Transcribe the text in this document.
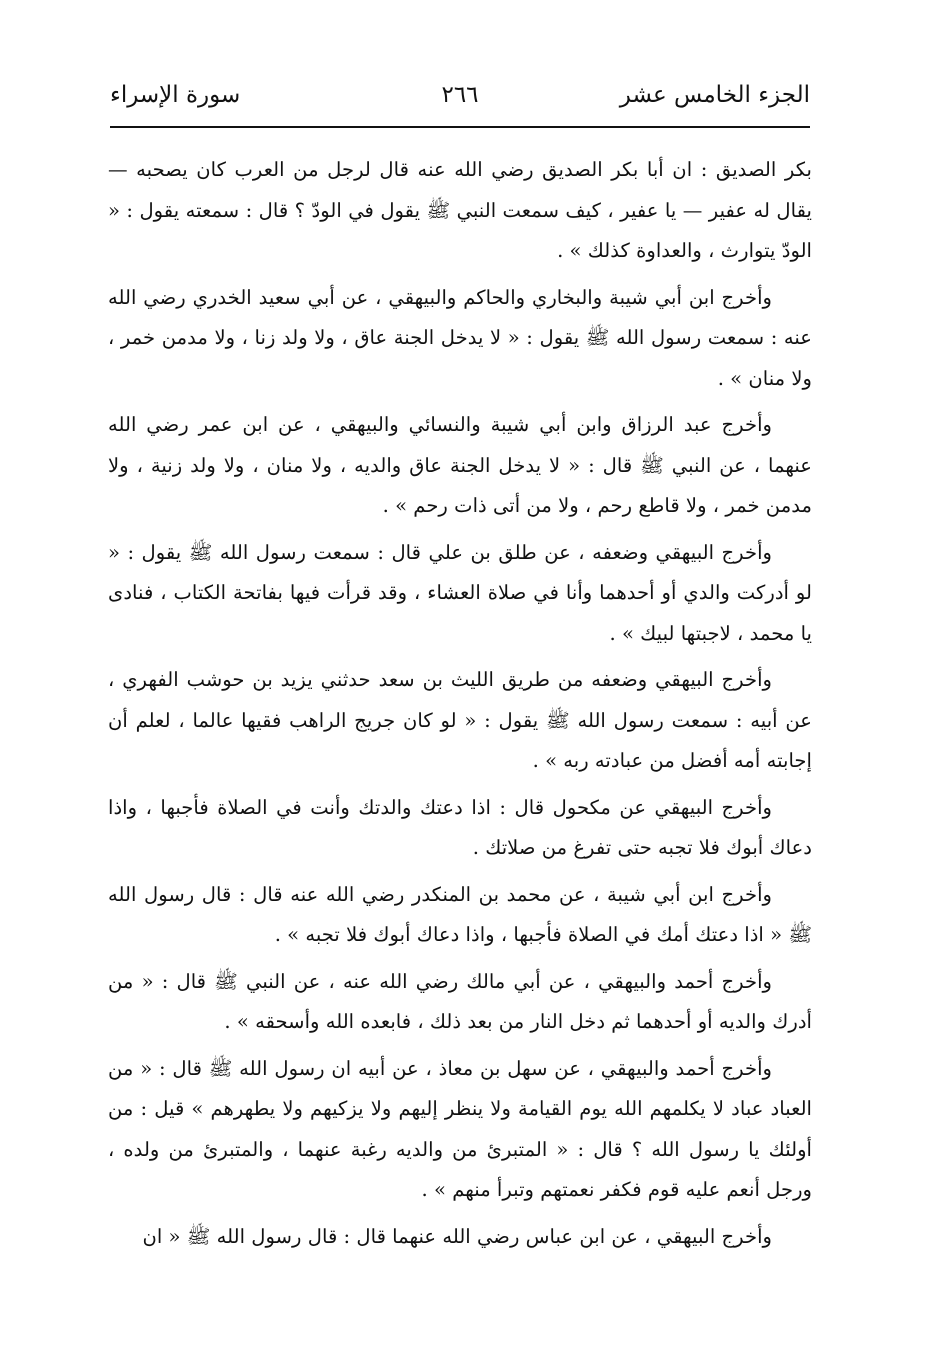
الجزء الخامس عشر
٢٦٦
سورة الإسراء

بكر الصديق : ان أبا بكر الصديق رضي الله عنه قال لرجل من العرب كان يصحبه — يقال له عفير — يا عفير ، كيف سمعت النبي ﷺ يقول في الودّ ؟ قال : سمعته يقول : « الودّ يتوارث ، والعداوة كذلك » .

وأخرج ابن أبي شيبة والبخاري والحاكم والبيهقي ، عن أبي سعيد الخدري رضي الله عنه : سمعت رسول الله ﷺ يقول : « لا يدخل الجنة عاق ، ولا ولد زنا ، ولا مدمن خمر ، ولا منان » .

وأخرج عبد الرزاق وابن أبي شيبة والنسائي والبيهقي ، عن ابن عمر رضي الله عنهما ، عن النبي ﷺ قال : « لا يدخل الجنة عاق والديه ، ولا منان ، ولا ولد زنية ، ولا مدمن خمر ، ولا قاطع رحم ، ولا من أتى ذات رحم » .

وأخرج البيهقي وضعفه ، عن طلق بن علي قال : سمعت رسول الله ﷺ يقول : « لو أدركت والدي أو أحدهما وأنا في صلاة العشاء ، وقد قرأت فيها بفاتحة الكتاب ، فنادى يا محمد ، لاجبتها لبيك » .

وأخرج البيهقي وضعفه من طريق الليث بن سعد حدثني يزيد بن حوشب الفهري ، عن أبيه : سمعت رسول الله ﷺ يقول : « لو كان جريج الراهب فقيها عالما ، لعلم أن إجابته أمه أفضل من عبادته ربه » .

وأخرج البيهقي عن مكحول قال : اذا دعتك والدتك وأنت في الصلاة فأجبها ، واذا دعاك أبوك فلا تجبه حتى تفرغ من صلاتك .

وأخرج ابن أبي شيبة ، عن محمد بن المنكدر رضي الله عنه قال : قال رسول الله ﷺ « اذا دعتك أمك في الصلاة فأجبها ، واذا دعاك أبوك فلا تجبه » .

وأخرج أحمد والبيهقي ، عن أبي مالك رضي الله عنه ، عن النبي ﷺ قال : « من أدرك والديه أو أحدهما ثم دخل النار من بعد ذلك ، فابعده الله وأسحقه » .

وأخرج أحمد والبيهقي ، عن سهل بن معاذ ، عن أبيه ان رسول الله ﷺ قال : « من العباد عباد لا يكلمهم الله يوم القيامة ولا ينظر إليهم ولا يزكيهم ولا يطهرهم » قيل : من أولئك يا رسول الله ؟ قال : « المتبرئ من والديه رغبة عنهما ، والمتبرئ من ولده ، ورجل أنعم عليه قوم فكفر نعمتهم وتبرأ منهم » .

وأخرج البيهقي ، عن ابن عباس رضي الله عنهما قال : قال رسول الله ﷺ « ان
